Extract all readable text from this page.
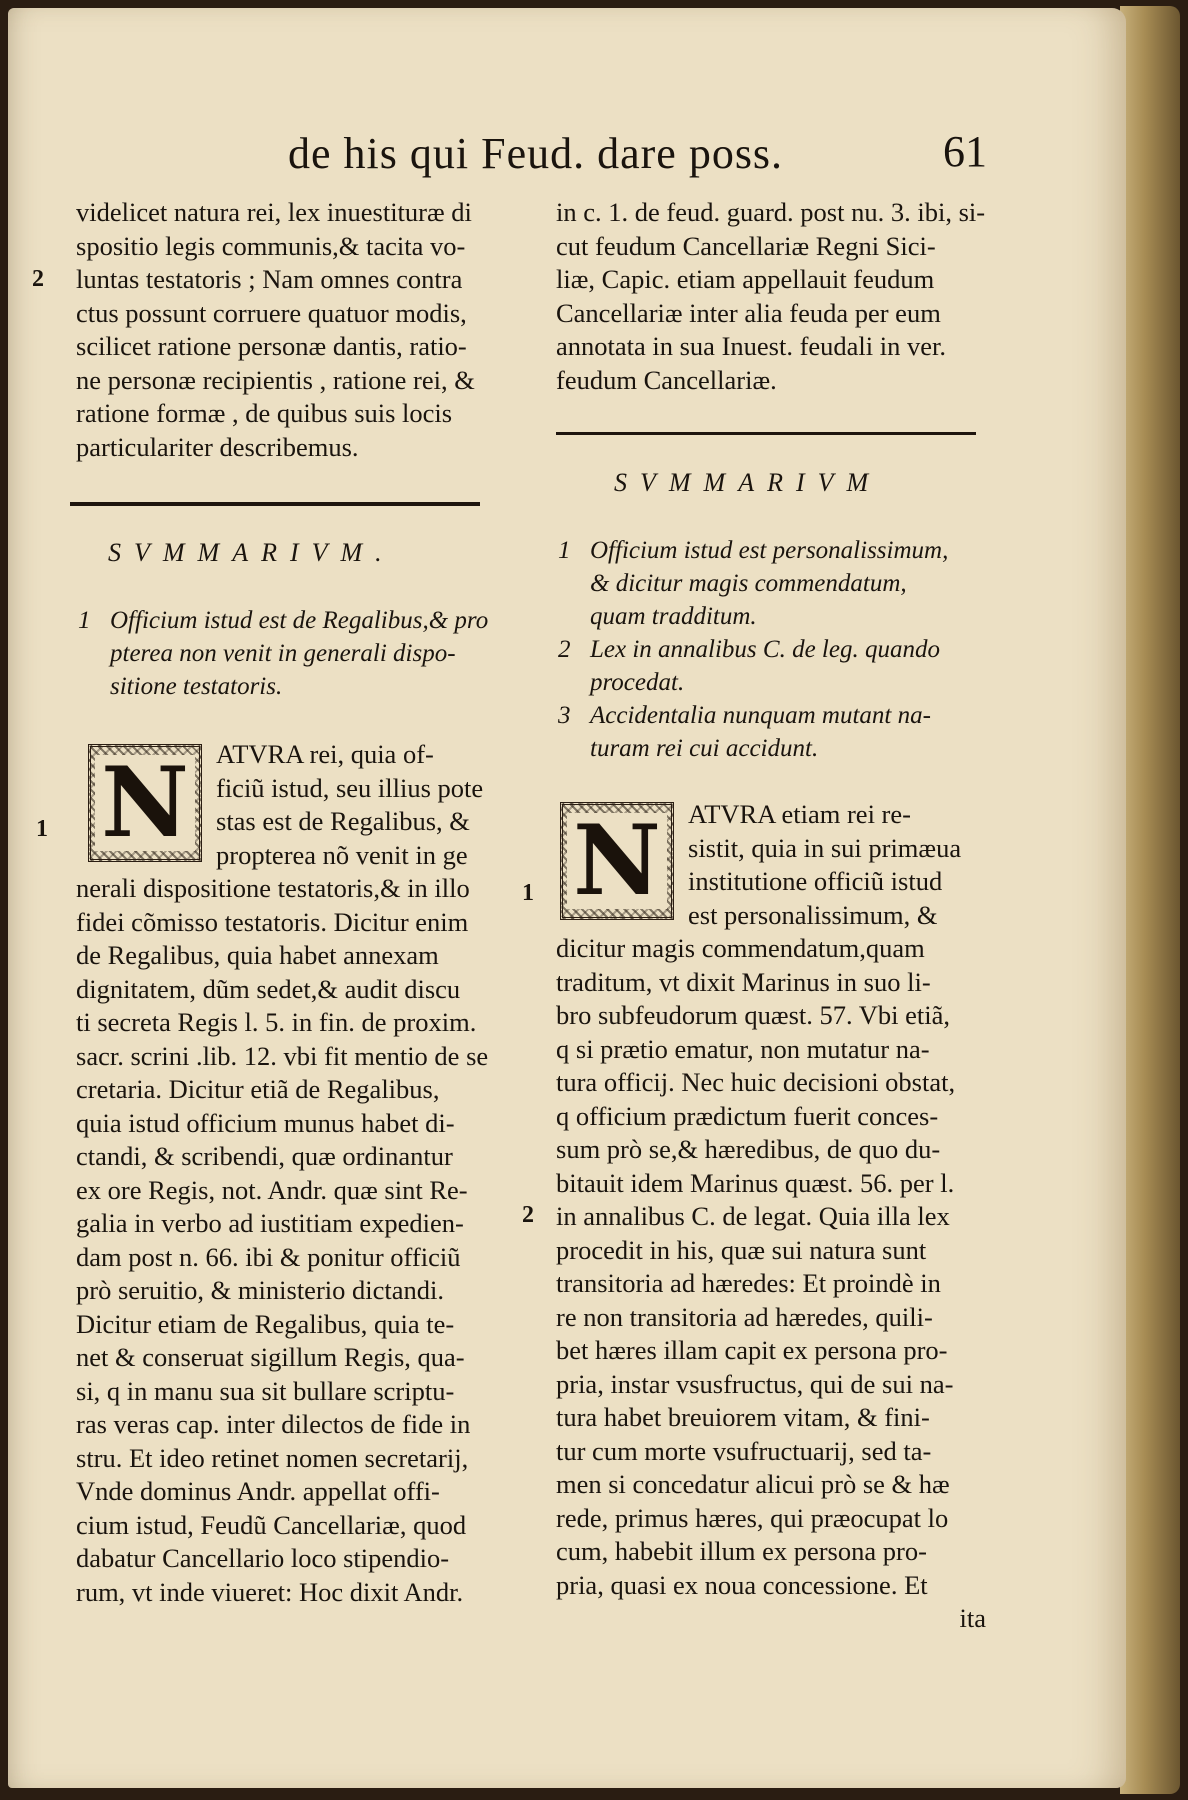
de his qui Feud. dare poss.	61

videlicet natura rei, lex inuestituræ di

spositio legis communis,& tacita vo-

luntas testatoris ; Nam omnes contra

ctus possunt corruere quatuor modis,

scilicet ratione personæ dantis, ratio-

ne personæ recipientis , ratione rei, &

ratione formæ , de quibus suis locis

particulariter describemus.

2
SVMMARIVM.
1 Officium istud est de Regalibus,& pro
pterea non venit in generali dispo-
sitione testatoris.
N ATVRA rei, quia of-

ficiũ istud, seu illius pote

stas est de Regalibus, &

propterea nõ venit in ge

1

nerali dispositione testatoris,& in illo

fidei cõmisso testatoris. Dicitur enim

de Regalibus, quia habet annexam

dignitatem, dũm sedet,& audit discu

ti secreta Regis l. 5. in fin. de proxim.

sacr. scrini .lib. 12. vbi fit mentio de se

cretaria. Dicitur etiã de Regalibus,

quia istud officium munus habet di-

ctandi, & scribendi, quæ ordinantur

ex ore Regis, not. Andr. quæ sint Re-

galia in verbo ad iustitiam expedien-

dam post n. 66. ibi & ponitur officiũ

prò seruitio, & ministerio dictandi.

Dicitur etiam de Regalibus, quia te-

net & conseruat sigillum Regis, qua-

si, q in manu sua sit bullare scriptu-

ras veras cap. inter dilectos de fide in

stru. Et ideo retinet nomen secretarij,

Vnde dominus Andr. appellat offi-

cium istud, Feudũ Cancellariæ, quod

dabatur Cancellario loco stipendio-

rum, vt inde viueret: Hoc dixit Andr.

in c. 1. de feud. guard. post nu. 3. ibi, si-

cut feudum Cancellariæ Regni Sici-

liæ, Capic. etiam appellauit feudum

Cancellariæ inter alia feuda per eum

annotata in sua Inuest. feudali in ver.

feudum Cancellariæ.

SVMMARIVM
1 Officium istud est personalissimum,
& dicitur magis commendatum,
quam tradditum.
2 Lex in annalibus C. de leg. quando
procedat.
3 Accidentalia nunquam mutant na-
turam rei cui accidunt.
N ATVRA etiam rei re-

sistit, quia in sui primæua

institutione officiũ istud

est personalissimum, &

1

dicitur magis commendatum,quam

traditum, vt dixit Marinus in suo li-

bro subfeudorum quæst. 57. Vbi etiã,

q si prætio ematur, non mutatur na-

tura officij. Nec huic decisioni obstat,

q officium prædictum fuerit conces-

sum prò se,& hæredibus, de quo du-

bitauit idem Marinus quæst. 56. per l.

in annalibus C. de legat. Quia illa lex

procedit in his, quæ sui natura sunt

transitoria ad hæredes: Et proindè in

re non transitoria ad hæredes, quili-

bet hæres illam capit ex persona pro-

pria, instar vsusfructus, qui de sui na-

tura habet breuiorem vitam, & fini-

tur cum morte vsufructuarij, sed ta-

men si concedatur alicui prò se & hæ

rede, primus hæres, qui præocupat lo

cum, habebit illum ex persona pro-

pria, quasi ex noua concessione. Et

ita

2
